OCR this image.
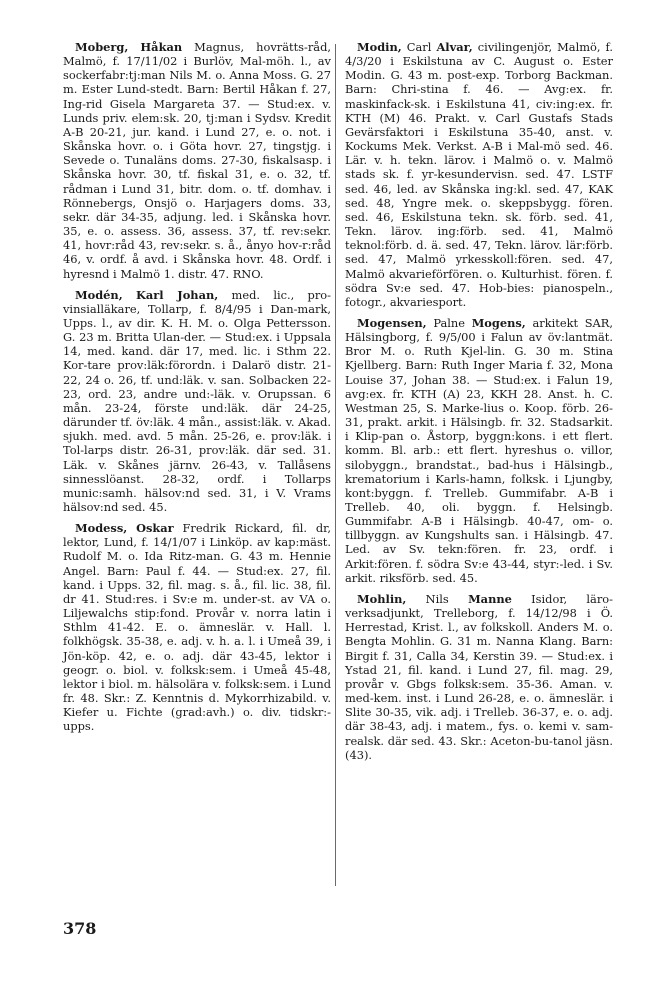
Moberg, Håkan Magnus, hovrätts-råd, Malmö, f. 17/11/02 i Burlöv, Mal-möh. l., av sockerfabr:tj:man Nils M. o. Anna Moss. G. 27 m. Ester Lund-stedt. Barn: Bertil Håkan f. 27, Ing-rid Gisela Margareta 37. — Stud:ex. v. Lunds priv. elem:sk. 20, tj:man i Sydsv. Kredit A-B 20-21, jur. kand. i Lund 27, e. o. not. i Skånska hovr. o. i Göta hovr. 27, tingstjg. i Sevede o. Tunaläns doms. 27-30, fiskalsasp. i Skånska hovr. 30, tf. fiskal 31, e. o. 32, tf. rådman i Lund 31, bitr. dom. o. tf. domhav. i Rönnebergs, Onsjö o. Harjagers doms. 33, sekr. där 34-35, adjung. led. i Skånska hovr. 35, e. o. assess. 36, assess. 37, tf. rev:sekr. 41, hovr:råd 43, rev:sekr. s. å., ånyo hov-r:råd 46, v. ordf. å avd. i Skånska hovr. 48. Ordf. i hyresnd i Malmö 1. distr. 47. RNO.

Modén, Karl Johan, med. lic., pro-vinsialläkare, Tollarp, f. 8/4/95 i Dan-mark, Upps. l., av dir. K. H. M. o. Olga Pettersson. G. 23 m. Britta Ulan-der. — Stud:ex. i Uppsala 14, med. kand. där 17, med. lic. i Sthm 22. Kor-tare prov:läk:förordn. i Dalarö distr. 21-22, 24 o. 26, tf. und:läk. v. san. Solbacken 22-23, ord. 23, andre und:-läk. v. Orupssan. 6 mån. 23-24, förste und:läk. där 24-25, därunder tf. öv:läk. 4 mån., assist:läk. v. Akad. sjukh. med. avd. 5 mån. 25-26, e. prov:läk. i Tol-larps distr. 26-31, prov:läk. där sed. 31. Läk. v. Skånes järnv. 26-43, v. Tallåsens sinnesslöanst. 28-32, ordf. i Tollarps munic:samh. hälsov:nd sed. 31, i V. Vrams hälsov:nd sed. 45.

Modess, Oskar Fredrik Rickard, fil. dr, lektor, Lund, f. 14/1/07 i Linköp. av kap:mäst. Rudolf M. o. Ida Ritz-man. G. 43 m. Hennie Angel. Barn: Paul f. 44. — Stud:ex. 27, fil. kand. i Upps. 32, fil. mag. s. å., fil. lic. 38, fil. dr 41. Stud:res. i Sv:e m. under-st. av VA o. Liljewalchs stip:fond. Provår v. norra latin i Sthlm 41-42. E. o. ämneslär. v. Hall. l. folkhögsk. 35-38, e. adj. v. h. a. l. i Umeå 39, i Jön-köp. 42, e. o. adj. där 43-45, lektor i geogr. o. biol. v. folksk:sem. i Umeå 45-48, lektor i biol. m. hälsolära v. folksk:sem. i Lund fr. 48. Skr.: Z. Kenntnis d. Mykorrhizabild. v. Kiefer u. Fichte (grad:avh.) o. div. tidskr:-upps.

Modin, Carl Alvar, civilingenjör, Malmö, f. 4/3/20 i Eskilstuna av C. August o. Ester Modin. G. 43 m. post-exp. Torborg Backman. Barn: Chri-stina f. 46. — Avg:ex. fr. maskinfack-sk. i Eskilstuna 41, civ:ing:ex. fr. KTH (M) 46. Prakt. v. Carl Gustafs Stads Gevärsfaktori i Eskilstuna 35-40, anst. v. Kockums Mek. Verkst. A-B i Mal-mö sed. 46. Lär. v. h. tekn. lärov. i Malmö o. v. Malmö stads sk. f. yr-kesundervisn. sed. 47. LSTF sed. 46, led. av Skånska ing:kl. sed. 47, KAK sed. 48, Yngre mek. o. skeppsbygg. fören. sed. 46, Eskilstuna tekn. sk. förb. sed. 41, Tekn. lärov. ing:förb. sed. 41, Malmö teknol:förb. d. ä. sed. 47, Tekn. lärov. lär:förb. sed. 47, Malmö yrkesskoll:fören. sed. 47, Malmö akvarieförfören. o. Kulturhist. fören. f. södra Sv:e sed. 47. Hob-bies: pianospeln., fotogr., akvariesport.

Mogensen, Palne Mogens, arkitekt SAR, Hälsingborg, f. 9/5/00 i Falun av öv:lantmät. Bror M. o. Ruth Kjel-lin. G. 30 m. Stina Kjellberg. Barn: Ruth Inger Maria f. 32, Mona Louise 37, Johan 38. — Stud:ex. i Falun 19, avg:ex. fr. KTH (A) 23, KKH 28. Anst. h. C. Westman 25, S. Marke-lius o. Koop. förb. 26-31, prakt. arkit. i Hälsingb. fr. 32. Stadsarkit. i Klip-pan o. Åstorp, byggn:kons. i ett flert. komm. Bl. arb.: ett flert. hyreshus o. villor, silobyggn., brandstat., bad-hus i Hälsingb., krematorium i Karls-hamn, folksk. i Ljungby, kont:byggn. f. Trelleb. Gummifabr. A-B i Trelleb. 40, oli. byggn. f. Helsingb. Gummifabr. A-B i Hälsingb. 40-47, om- o. tillbyggn. av Kungshults san. i Hälsingb. 47. Led. av Sv. tekn:fören. fr. 23, ordf. i Arkit:fören. f. södra Sv:e 43-44, styr:-led. i Sv. arkit. riksförb. sed. 45.

Mohlin, Nils Manne Isidor, läro-verksadjunkt, Trelleborg, f. 14/12/98 i Ö. Herrestad, Krist. l., av folkskoll. Anders M. o. Bengta Mohlin. G. 31 m. Nanna Klang. Barn: Birgit f. 31, Calla 34, Kerstin 39. — Stud:ex. i Ystad 21, fil. kand. i Lund 27, fil. mag. 29, provår v. Gbgs folksk:sem. 35-36. Aman. v. med-kem. inst. i Lund 26-28, e. o. ämneslär. i Slite 30-35, vik. adj. i Trelleb. 36-37, e. o. adj. där 38-43, adj. i matem., fys. o. kemi v. sam-realsk. där sed. 43. Skr.: Aceton-bu-tanol jäsn. (43).

378
